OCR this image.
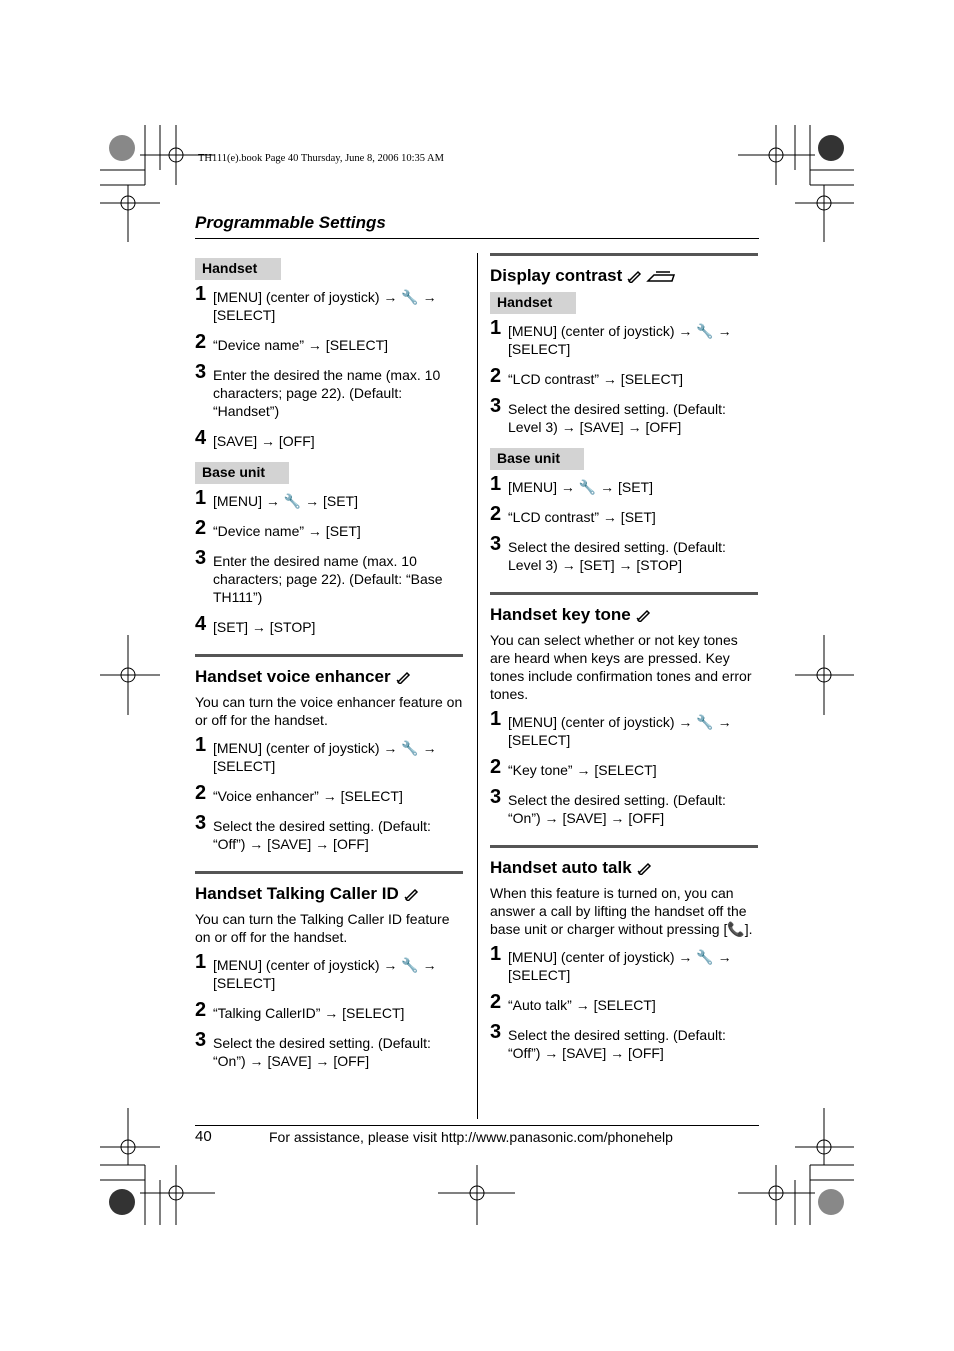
TH111(e).book Page 40 Thursday, June 8, 2006 10:35 AM
Programmable Settings
Handset
1 [MENU] (center of joystick) → 🔧 → [SELECT]
2 “Device name” → [SELECT]
3 Enter the desired the name (max. 10 characters; page 22). (Default: “Handset”)
4 [SAVE] → [OFF]
Base unit
1 [MENU] → 🔧 → [SET]
2 “Device name” → [SET]
3 Enter the desired name (max. 10 characters; page 22). (Default: “Base TH111”)
4 [SET] → [STOP]
Handset voice enhancer
You can turn the voice enhancer feature on or off for the handset.
1 [MENU] (center of joystick) → 🔧 → [SELECT]
2 “Voice enhancer” → [SELECT]
3 Select the desired setting. (Default: “Off”) → [SAVE] → [OFF]
Handset Talking Caller ID
You can turn the Talking Caller ID feature on or off for the handset.
1 [MENU] (center of joystick) → 🔧 → [SELECT]
2 “Talking CallerID” → [SELECT]
3 Select the desired setting. (Default: “On”) → [SAVE] → [OFF]
Display contrast
Handset
1 [MENU] (center of joystick) → 🔧 → [SELECT]
2 “LCD contrast” → [SELECT]
3 Select the desired setting. (Default: Level 3) → [SAVE] → [OFF]
Base unit
1 [MENU] → 🔧 → [SET]
2 “LCD contrast” → [SET]
3 Select the desired setting. (Default: Level 3) → [SET] → [STOP]
Handset key tone
You can select whether or not key tones are heard when keys are pressed. Key tones include confirmation tones and error tones.
1 [MENU] (center of joystick) → 🔧 → [SELECT]
2 “Key tone” → [SELECT]
3 Select the desired setting. (Default: “On”) → [SAVE] → [OFF]
Handset auto talk
When this feature is turned on, you can answer a call by lifting the handset off the base unit or charger without pressing [📞].
1 [MENU] (center of joystick) → 🔧 → [SELECT]
2 “Auto talk” → [SELECT]
3 Select the desired setting. (Default: “Off”) → [SAVE] → [OFF]
40	For assistance, please visit http://www.panasonic.com/phonehelp
